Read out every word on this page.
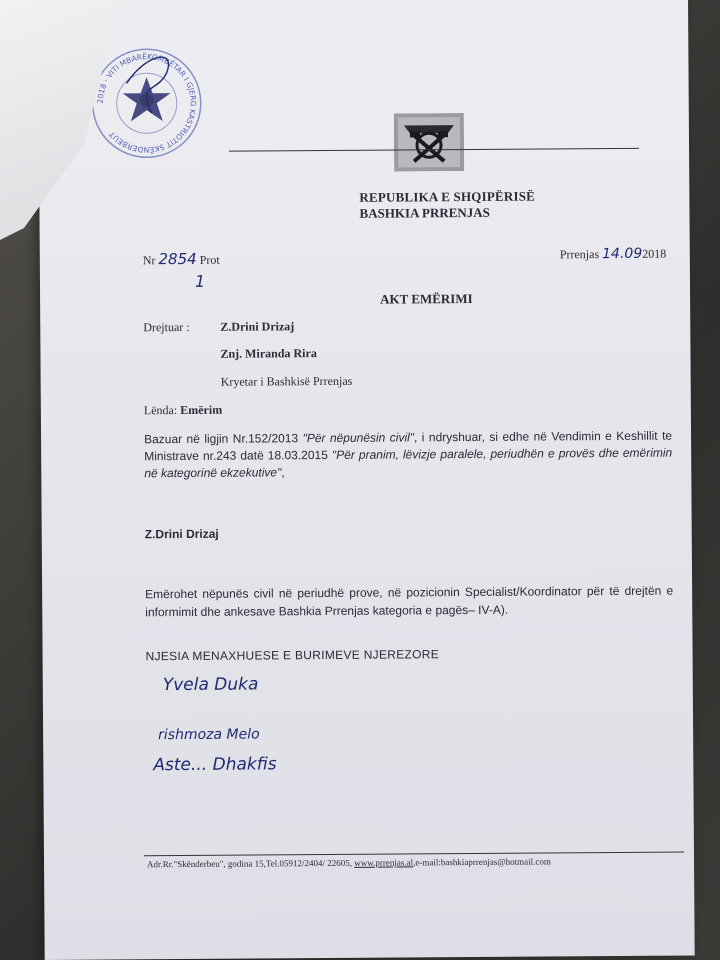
2018 · VITI MBARËKOMBËTAR I GJERG KASTRIOTIT SKËNDERBEUT
REPUBLIKA E SHQIPËRISË
BASHKIA PRRENJAS
Nr 2854 Prot
1
Prrenjas 14.092018
AKT EMËRIMI
Drejtuar :	Z.Drini Drizaj
Znj. Miranda Rira
Kryetar i Bashkisë Prrenjas
Lënda: Emërim
Bazuar në ligjin Nr.152/2013 "Për nëpunësin civil", i ndryshuar, si edhe në Vendimin e Keshillit te Ministrave nr.243 datë 18.03.2015 "Për pranim, lëvizje paralele, periudhën e provës dhe emërimin në kategorinë ekzekutive",
Z.Drini Drizaj
Emërohet nëpunës civil në periudhë prove, në pozicionin Specialist/Koordinator për të drejtën e informimit dhe ankesave Bashkia Prrenjas kategoria e pagës– IV-A).
NJESIA MENAXHUESE E BURIMEVE NJEREZORE
Yvela Duka
rishmoza Melo
Aste... Dhakfis
Adr.Rr."Skënderbeu", godina 15,Tel.05912/2404/ 22605, www.prrenjas.al,e-mail:bashkiaprrenjas@hotmail.com
